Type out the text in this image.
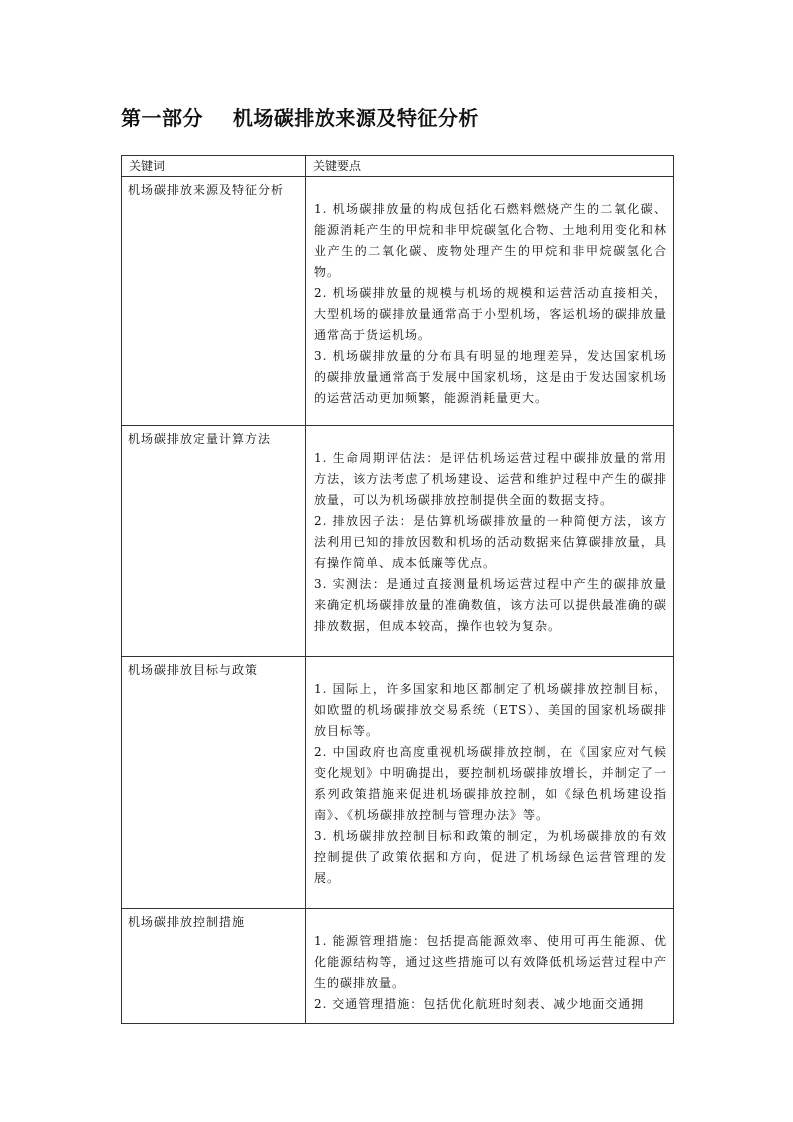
第一部分    机场碳排放来源及特征分析
关键词	关键要点

机场碳排放来源及特征分析	1. 机场碳排放量的构成包括化石燃料燃烧产生的二氧化碳、能源消耗产生的甲烷和非甲烷碳氢化合物、土地利用变化和林业产生的二氧化碳、废物处理产生的甲烷和非甲烷碳氢化合物。

2. 机场碳排放量的规模与机场的规模和运营活动直接相关，大型机场的碳排放量通常高于小型机场，客运机场的碳排放量通常高于货运机场。

3. 机场碳排放量的分布具有明显的地理差异，发达国家机场的碳排放量通常高于发展中国家机场，这是由于发达国家机场的运营活动更加频繁，能源消耗量更大。

机场碳排放定量计算方法	1. 生命周期评估法：是评估机场运营过程中碳排放量的常用方法，该方法考虑了机场建设、运营和维护过程中产生的碳排放量，可以为机场碳排放控制提供全面的数据支持。

2. 排放因子法：是估算机场碳排放量的一种简便方法，该方法利用已知的排放因数和机场的活动数据来估算碳排放量，具有操作简单、成本低廉等优点。

3. 实测法：是通过直接测量机场运营过程中产生的碳排放量来确定机场碳排放量的准确数值，该方法可以提供最准确的碳排放数据，但成本较高，操作也较为复杂。

机场碳排放目标与政策	1. 国际上，许多国家和地区都制定了机场碳排放控制目标，如欧盟的机场碳排放交易系统（ETS）、美国的国家机场碳排放目标等。

2. 中国政府也高度重视机场碳排放控制，在《国家应对气候变化规划》中明确提出，要控制机场碳排放增长，并制定了一系列政策措施来促进机场碳排放控制，如《绿色机场建设指南》、《机场碳排放控制与管理办法》等。

3. 机场碳排放控制目标和政策的制定，为机场碳排放的有效控制提供了政策依据和方向，促进了机场绿色运营管理的发展。

机场碳排放控制措施	1. 能源管理措施：包括提高能源效率、使用可再生能源、优化能源结构等，通过这些措施可以有效降低机场运营过程中产生的碳排放量。

2. 交通管理措施：包括优化航班时刻表、减少地面交通拥
